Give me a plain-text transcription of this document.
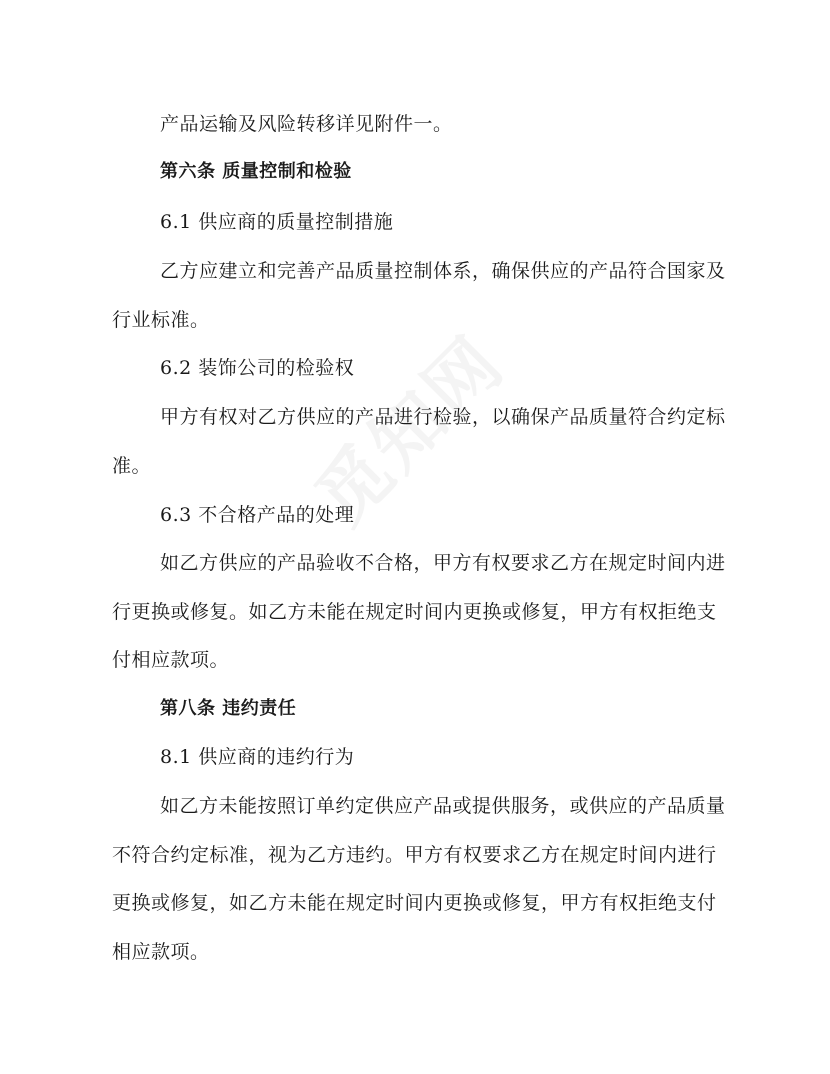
产品运输及风险转移详见附件一。
第六条 质量控制和检验
6.1 供应商的质量控制措施
乙方应建立和完善产品质量控制体系，确保供应的产品符合国家及
行业标准。
6.2 装饰公司的检验权
甲方有权对乙方供应的产品进行检验，以确保产品质量符合约定标
准。
6.3 不合格产品的处理
如乙方供应的产品验收不合格，甲方有权要求乙方在规定时间内进
行更换或修复。如乙方未能在规定时间内更换或修复，甲方有权拒绝支
付相应款项。
第八条 违约责任
8.1 供应商的违约行为
如乙方未能按照订单约定供应产品或提供服务，或供应的产品质量
不符合约定标准，视为乙方违约。甲方有权要求乙方在规定时间内进行
更换或修复，如乙方未能在规定时间内更换或修复，甲方有权拒绝支付
相应款项。
